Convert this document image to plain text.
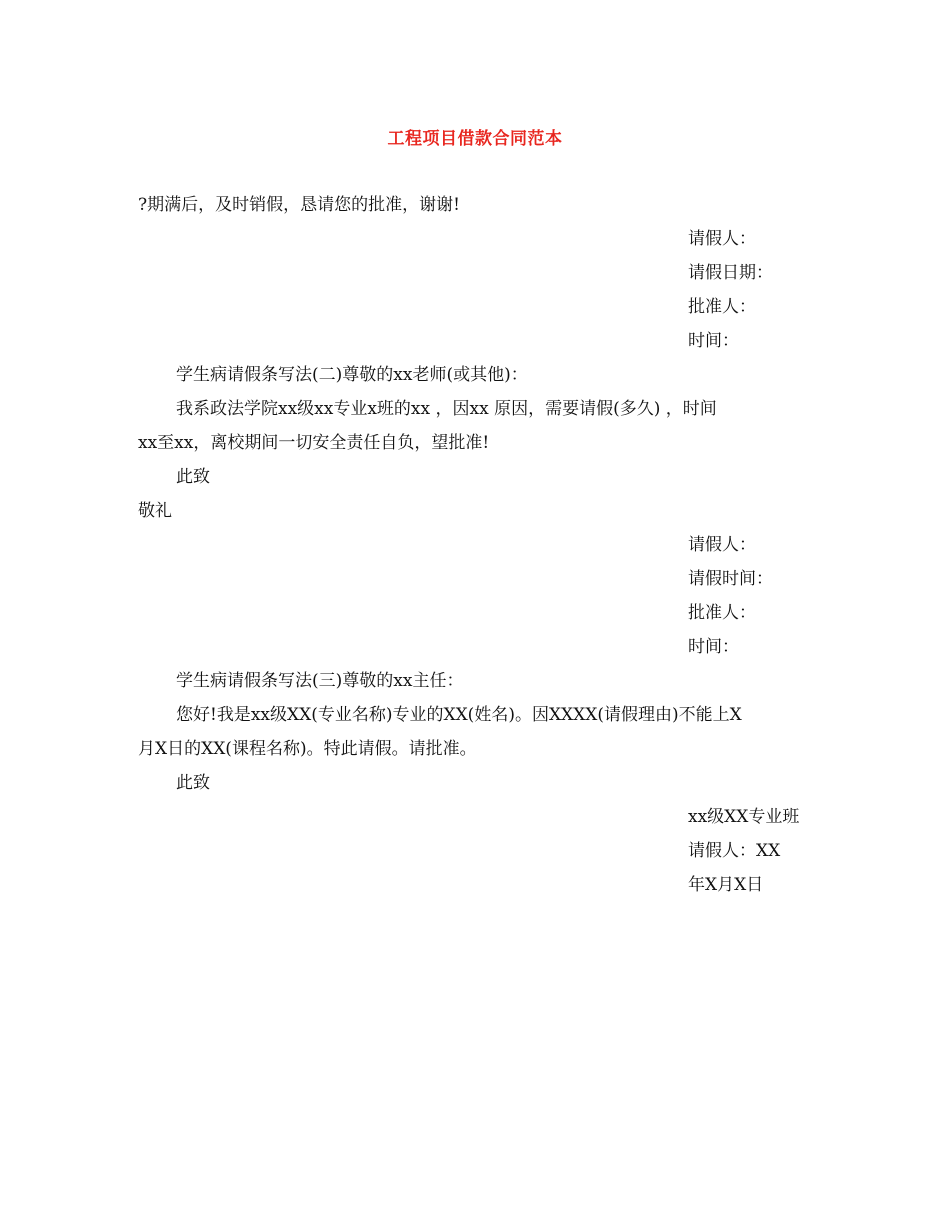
工程项目借款合同范本
?期满后，及时销假，恳请您的批准，谢谢!
请假人：
请假日期：
批准人：
时间：
学生病请假条写法(二)尊敬的xx老师(或其他)：
我系政法学院xx级xx专业x班的xx ，因xx 原因，需要请假(多久) ，时间
xx至xx，离校期间一切安全责任自负，望批准!
此致
敬礼
请假人：
请假时间：
批准人：
时间：
学生病请假条写法(三)尊敬的xx主任：
您好!我是xx级XX(专业名称)专业的XX(姓名)。因XXXX(请假理由)不能上X
月X日的XX(课程名称)。特此请假。请批准。
此致
xx级XX专业班
请假人：XX
年X月X日
